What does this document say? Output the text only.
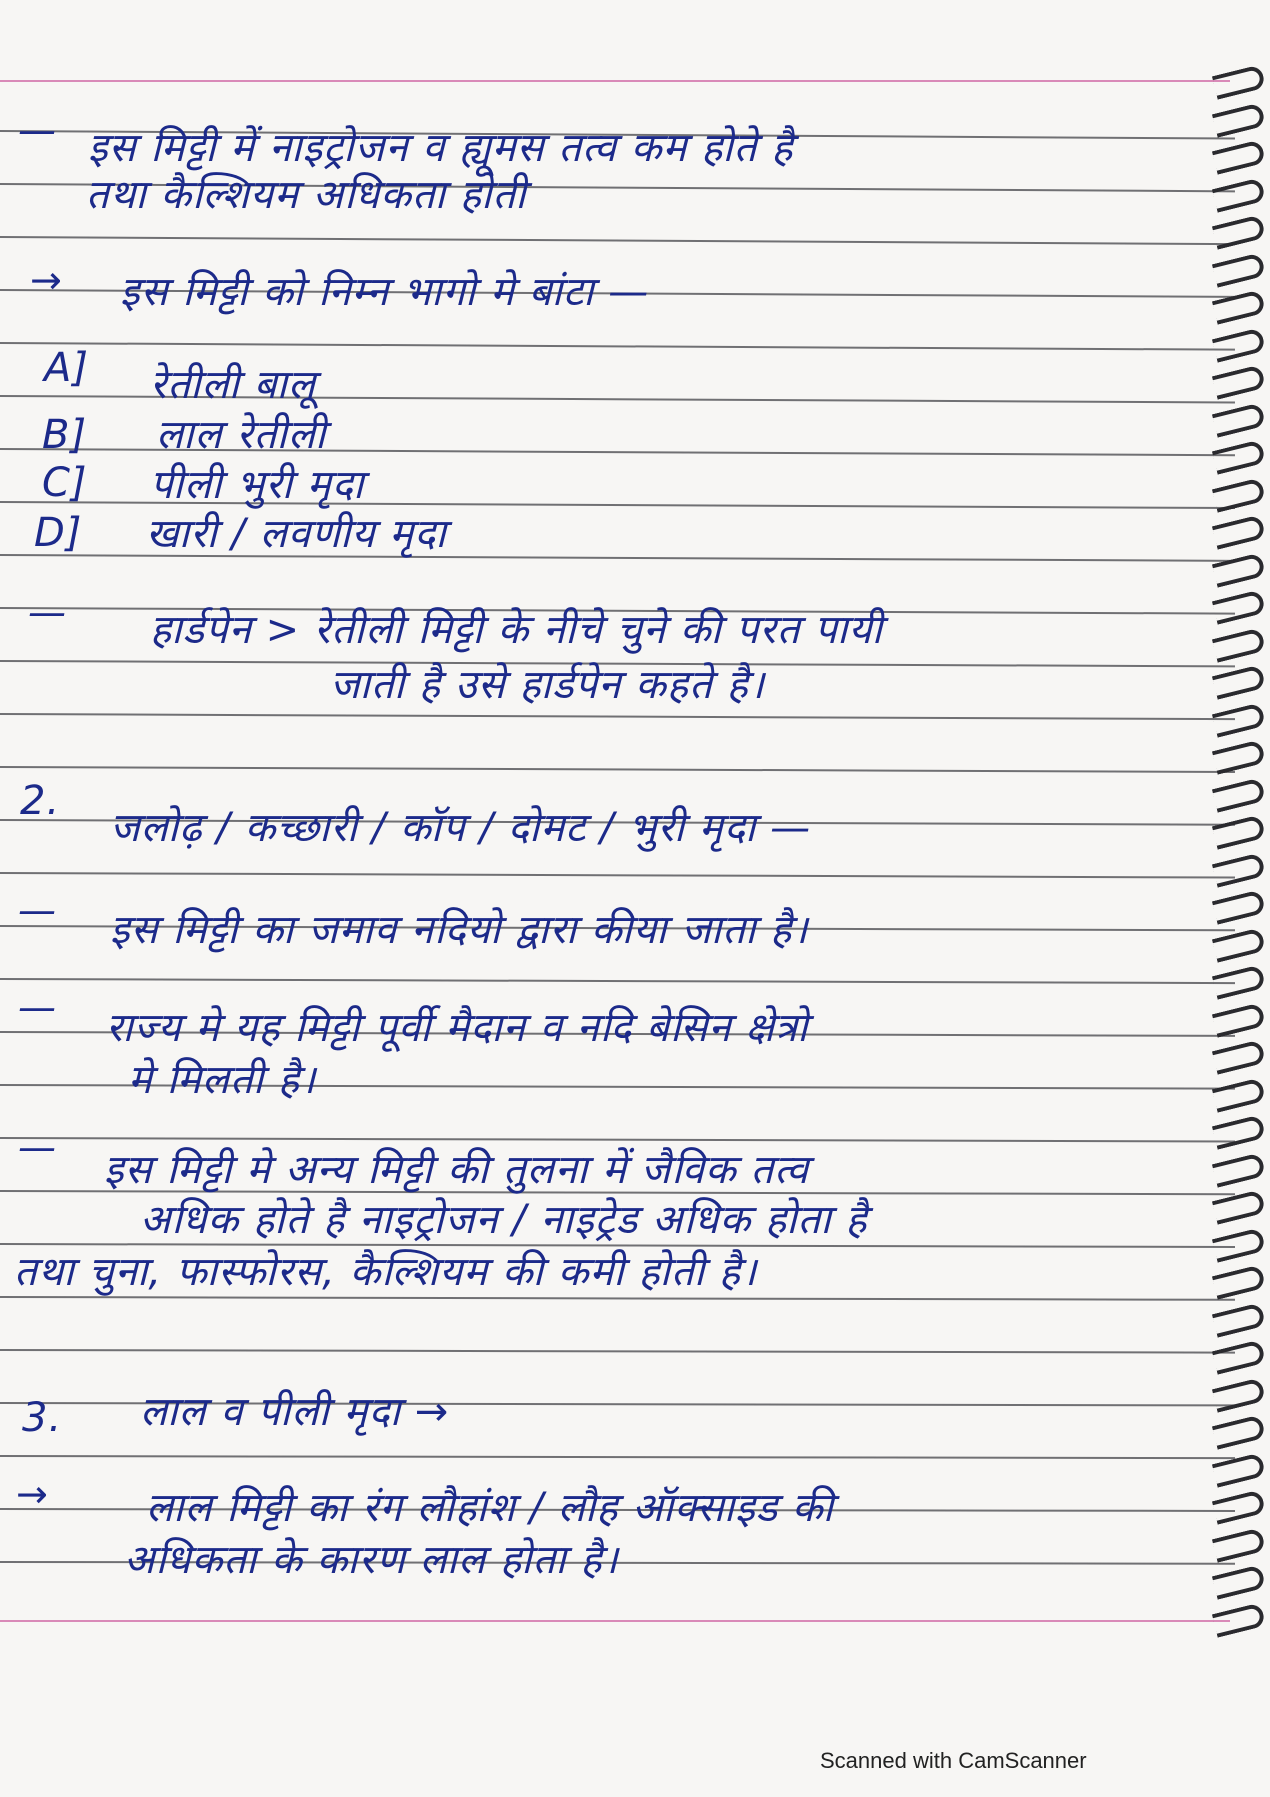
— इस मिट्टी में नाइट्रोजन व ह्यूमस तत्व कम होते है
तथा कैल्शियम अधिकता होती
→ इस मिट्टी को निम्न भागो मे बांटा —
A] रेतीली बालू
B] लाल रेतीली
C] पीली भुरी मृदा
D] खारी / लवणीय मृदा
— हार्डपेन > रेतीली मिट्टी के नीचे चुने की परत पायी
जाती है उसे हार्डपेन कहते है।
2.
जलोढ़ / कच्छारी / कॉप / दोमट / भुरी मृदा —
— इस मिट्टी का जमाव नदियो द्वारा कीया जाता है।
— राज्य मे यह मिट्टी पूर्वी मैदान व नदि बेसिन क्षेत्रो
मे मिलती है।
— इस मिट्टी मे अन्य मिट्टी की तुलना में जैविक तत्व
अधिक होते है नाइट्रोजन / नाइट्रेड अधिक होता है
तथा चुना, फास्फोरस, कैल्शियम की कमी होती है।
3. लाल व पीली मृदा →
→ लाल मिट्टी का रंग लौहांश / लौह ऑक्साइड की
अधिकता के कारण लाल होता है।
Scanned with CamScanner
